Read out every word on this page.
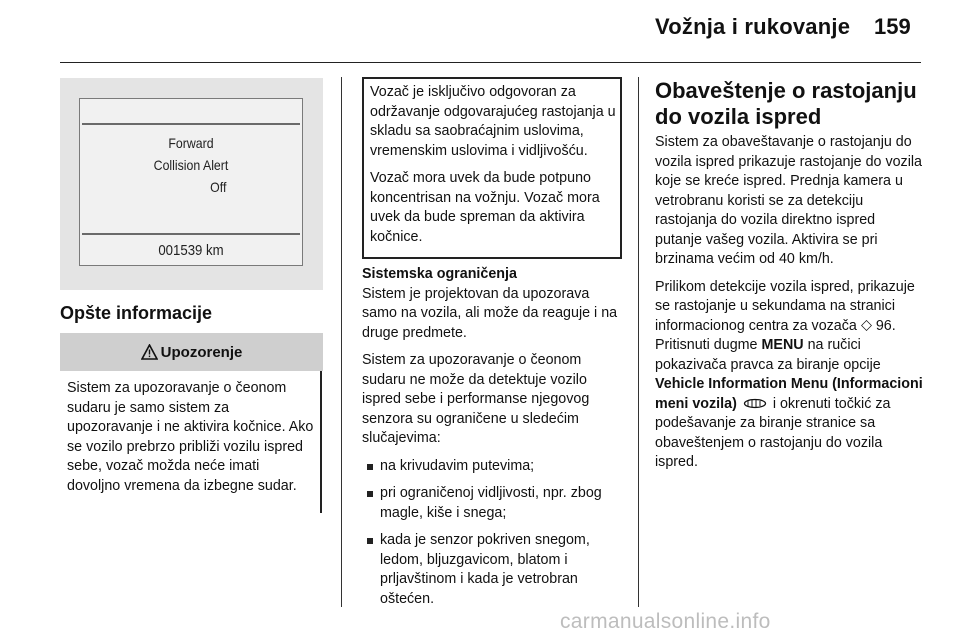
Vožnja i rukovanje 159
Forward
Collision Alert
Off
001539 km
Opšte informacije
Upozorenje
Sistem za upozoravanje o čeonom sudaru je samo sistem za upozoravanje i ne aktivira kočnice. Ako se vozilo prebrzo približi vozilu ispred sebe, vozač možda neće imati dovoljno vremena da izbegne sudar.

Vozač je isključivo odgovoran za održavanje odgovarajućeg rastojanja u skladu sa saobraćajnim uslovima, vremenskim uslovima i vidljivošću.

Vozač mora uvek da bude potpuno koncentrisan na vožnju. Vozač mora uvek da bude spreman da aktivira kočnice.

Sistemska ograničenja

Sistem je projektovan da upozorava samo na vozila, ali može da reaguje i na druge predmete.

Sistem za upozoravanje o čeonom sudaru ne može da detektuje vozilo ispred sebe i performanse njegovog senzora su ograničene u sledećim slučajevima:

na krivudavim putevima;
pri ograničenoj vidljivosti, npr. zbog magle, kiše i snega;
kada je senzor pokriven snegom, ledom, bljuzgavicom, blatom i prljavštinom i kada je vetrobran oštećen.
Obaveštenje o rastojanju do vozila ispred

Sistem za obaveštavanje o rastojanju do vozila ispred prikazuje rastojanje do vozila koje se kreće ispred. Prednja kamera u vetrobranu koristi se za detekciju rastojanja do vozila direktno ispred putanje vašeg vozila. Aktivira se pri brzinama većim od 40 km/h.

Prilikom detekcije vozila ispred, prikazuje se rastojanje u sekundama na stranici informacionog centra za vozača 96. Pritisnuti dugme MENU na ručici pokazivača pravca za biranje opcije Vehicle Information Menu (Informacioni meni vozila)	i okrenuti točkić za podešavanje za biranje stranice sa obaveštenjem o rastojanju do vozila ispred.

carmanualsonline.info
